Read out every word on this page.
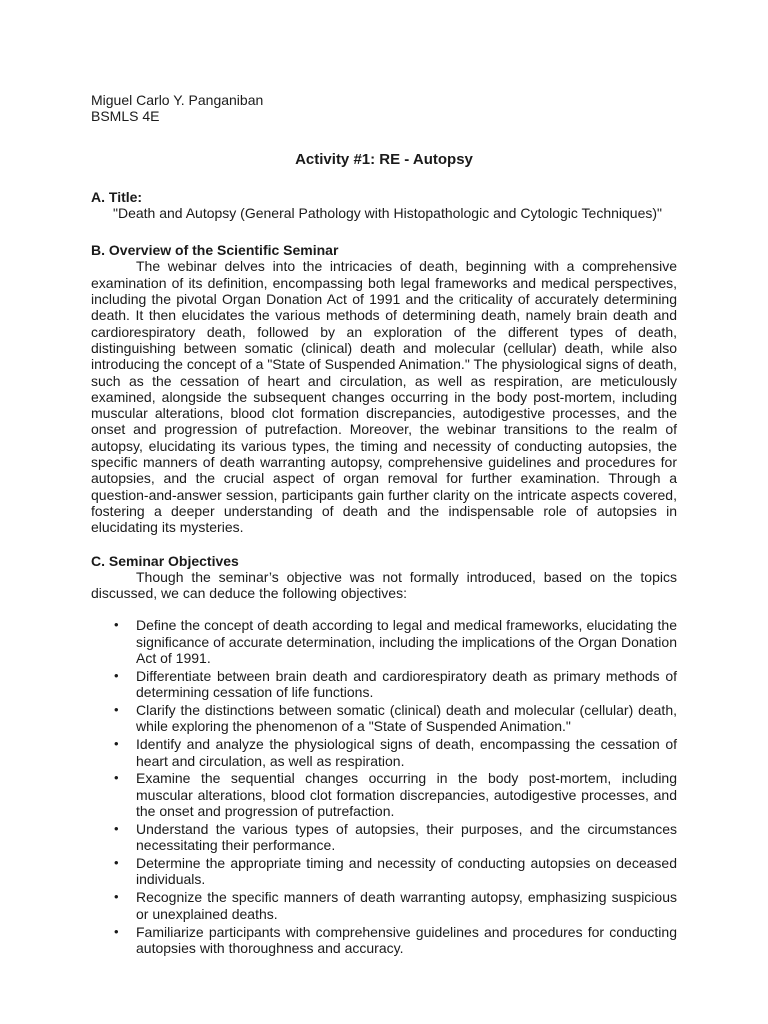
Miguel Carlo Y. Panganiban

BSMLS 4E

Activity #1: RE - Autopsy

A. Title:

"Death and Autopsy (General Pathology with Histopathologic and Cytologic Techniques)"

B. Overview of the Scientific Seminar

The webinar delves into the intricacies of death, beginning with a comprehensive examination of its definition, encompassing both legal frameworks and medical perspectives, including the pivotal Organ Donation Act of 1991 and the criticality of accurately determining death. It then elucidates the various methods of determining death, namely brain death and cardiorespiratory death, followed by an exploration of the different types of death, distinguishing between somatic (clinical) death and molecular (cellular) death, while also introducing the concept of a "State of Suspended Animation." The physiological signs of death, such as the cessation of heart and circulation, as well as respiration, are meticulously examined, alongside the subsequent changes occurring in the body post-mortem, including muscular alterations, blood clot formation discrepancies, autodigestive processes, and the onset and progression of putrefaction. Moreover, the webinar transitions to the realm of autopsy, elucidating its various types, the timing and necessity of conducting autopsies, the specific manners of death warranting autopsy, comprehensive guidelines and procedures for autopsies, and the crucial aspect of organ removal for further examination. Through a question-and-answer session, participants gain further clarity on the intricate aspects covered, fostering a deeper understanding of death and the indispensable role of autopsies in elucidating its mysteries.

C. Seminar Objectives

Though the seminar’s objective was not formally introduced, based on the topics discussed, we can deduce the following objectives:

• Define the concept of death according to legal and medical frameworks, elucidating the significance of accurate determination, including the implications of the Organ Donation Act of 1991.
• Differentiate between brain death and cardiorespiratory death as primary methods of determining cessation of life functions.
• Clarify the distinctions between somatic (clinical) death and molecular (cellular) death, while exploring the phenomenon of a "State of Suspended Animation."
• Identify and analyze the physiological signs of death, encompassing the cessation of heart and circulation, as well as respiration.
• Examine the sequential changes occurring in the body post-mortem, including muscular alterations, blood clot formation discrepancies, autodigestive processes, and the onset and progression of putrefaction.
• Understand the various types of autopsies, their purposes, and the circumstances necessitating their performance.
• Determine the appropriate timing and necessity of conducting autopsies on deceased individuals.
• Recognize the specific manners of death warranting autopsy, emphasizing suspicious or unexplained deaths.
• Familiarize participants with comprehensive guidelines and procedures for conducting autopsies with thoroughness and accuracy.
